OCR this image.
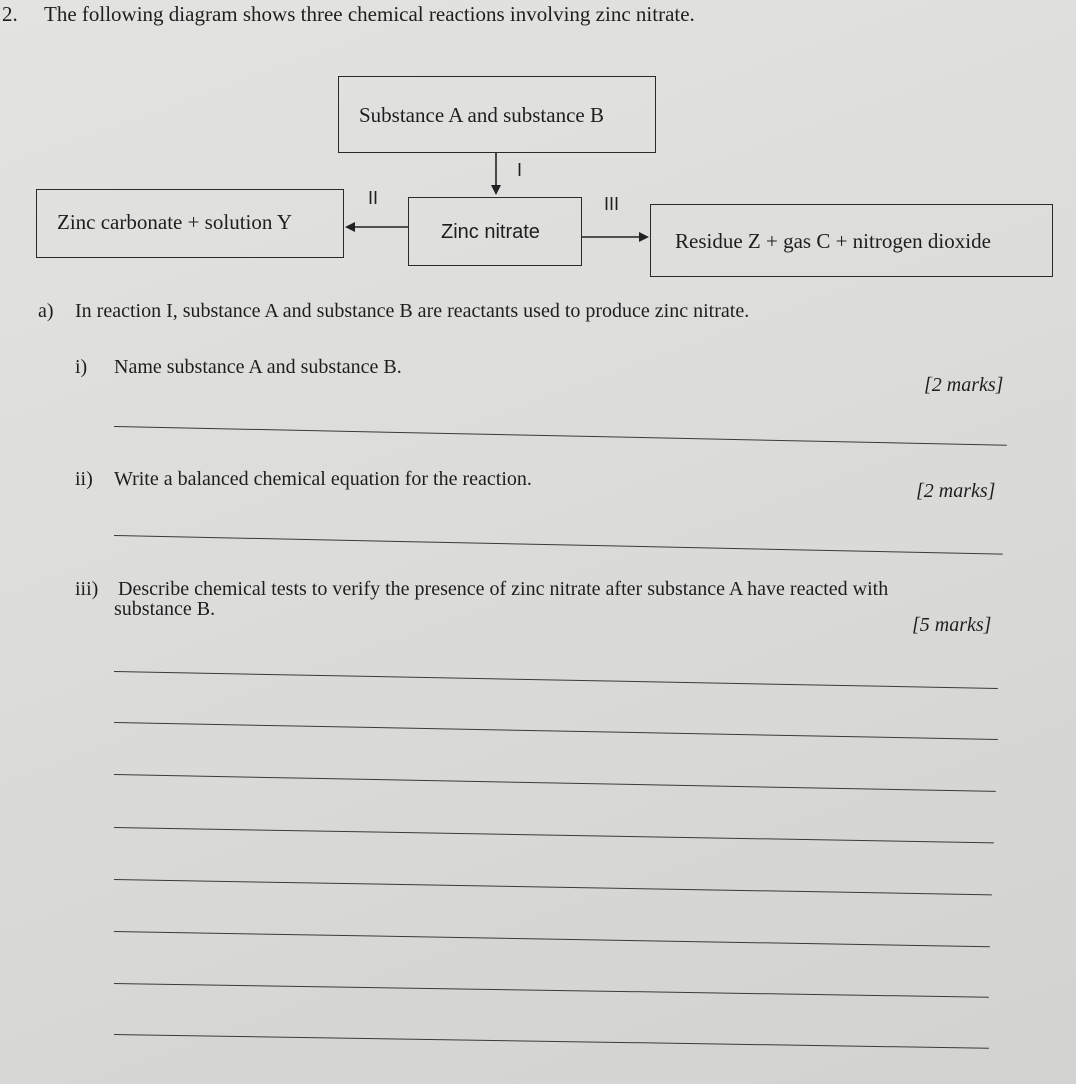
2. The following diagram shows three chemical reactions involving zinc nitrate.
Substance A and substance B
Zinc carbonate + solution Y	Zinc nitrate	Residue Z + gas C + nitrogen dioxide
I
II	III
a) In reaction I, substance A and substance B are reactants used to produce zinc nitrate.
i) Name substance A and substance B.
[2 marks]
ii) Write a balanced chemical equation for the reaction.
[2 marks]
iii) Describe chemical tests to verify the presence of zinc nitrate after substance A have reacted with
substance B.
[5 marks]
